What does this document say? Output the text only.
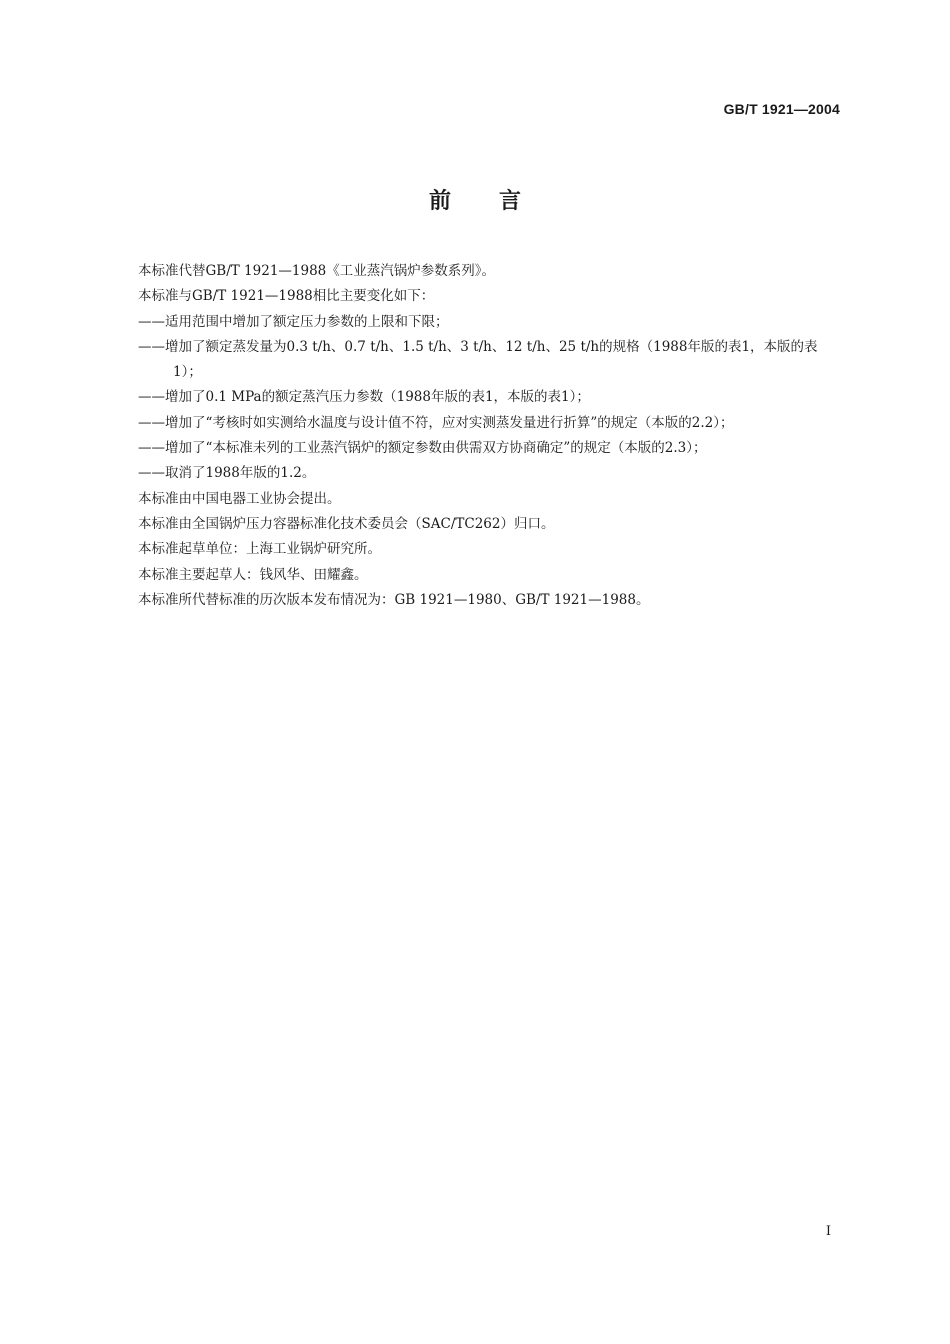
GB/T 1921—2004
前言

本标准代替GB/T 1921—1988《工业蒸汽锅炉参数系列》。

本标准与GB/T 1921—1988相比主要变化如下：

——适用范围中增加了额定压力参数的上限和下限；

——增加了额定蒸发量为0.3 t/h、0.7 t/h、1.5 t/h、3 t/h、12 t/h、25 t/h的规格（1988年版的表1，本版的表1）；

——增加了0.1 MPa的额定蒸汽压力参数（1988年版的表1，本版的表1）；

——增加了“考核时如实测给水温度与设计值不符，应对实测蒸发量进行折算”的规定（本版的2.2）；

——增加了“本标准未列的工业蒸汽锅炉的额定参数由供需双方协商确定”的规定（本版的2.3）；

——取消了1988年版的1.2。

本标准由中国电器工业协会提出。

本标准由全国锅炉压力容器标准化技术委员会（SAC/TC262）归口。

本标准起草单位：上海工业锅炉研究所。

本标准主要起草人：钱风华、田耀鑫。

本标准所代替标准的历次版本发布情况为：GB 1921—1980、GB/T 1921—1988。

I
